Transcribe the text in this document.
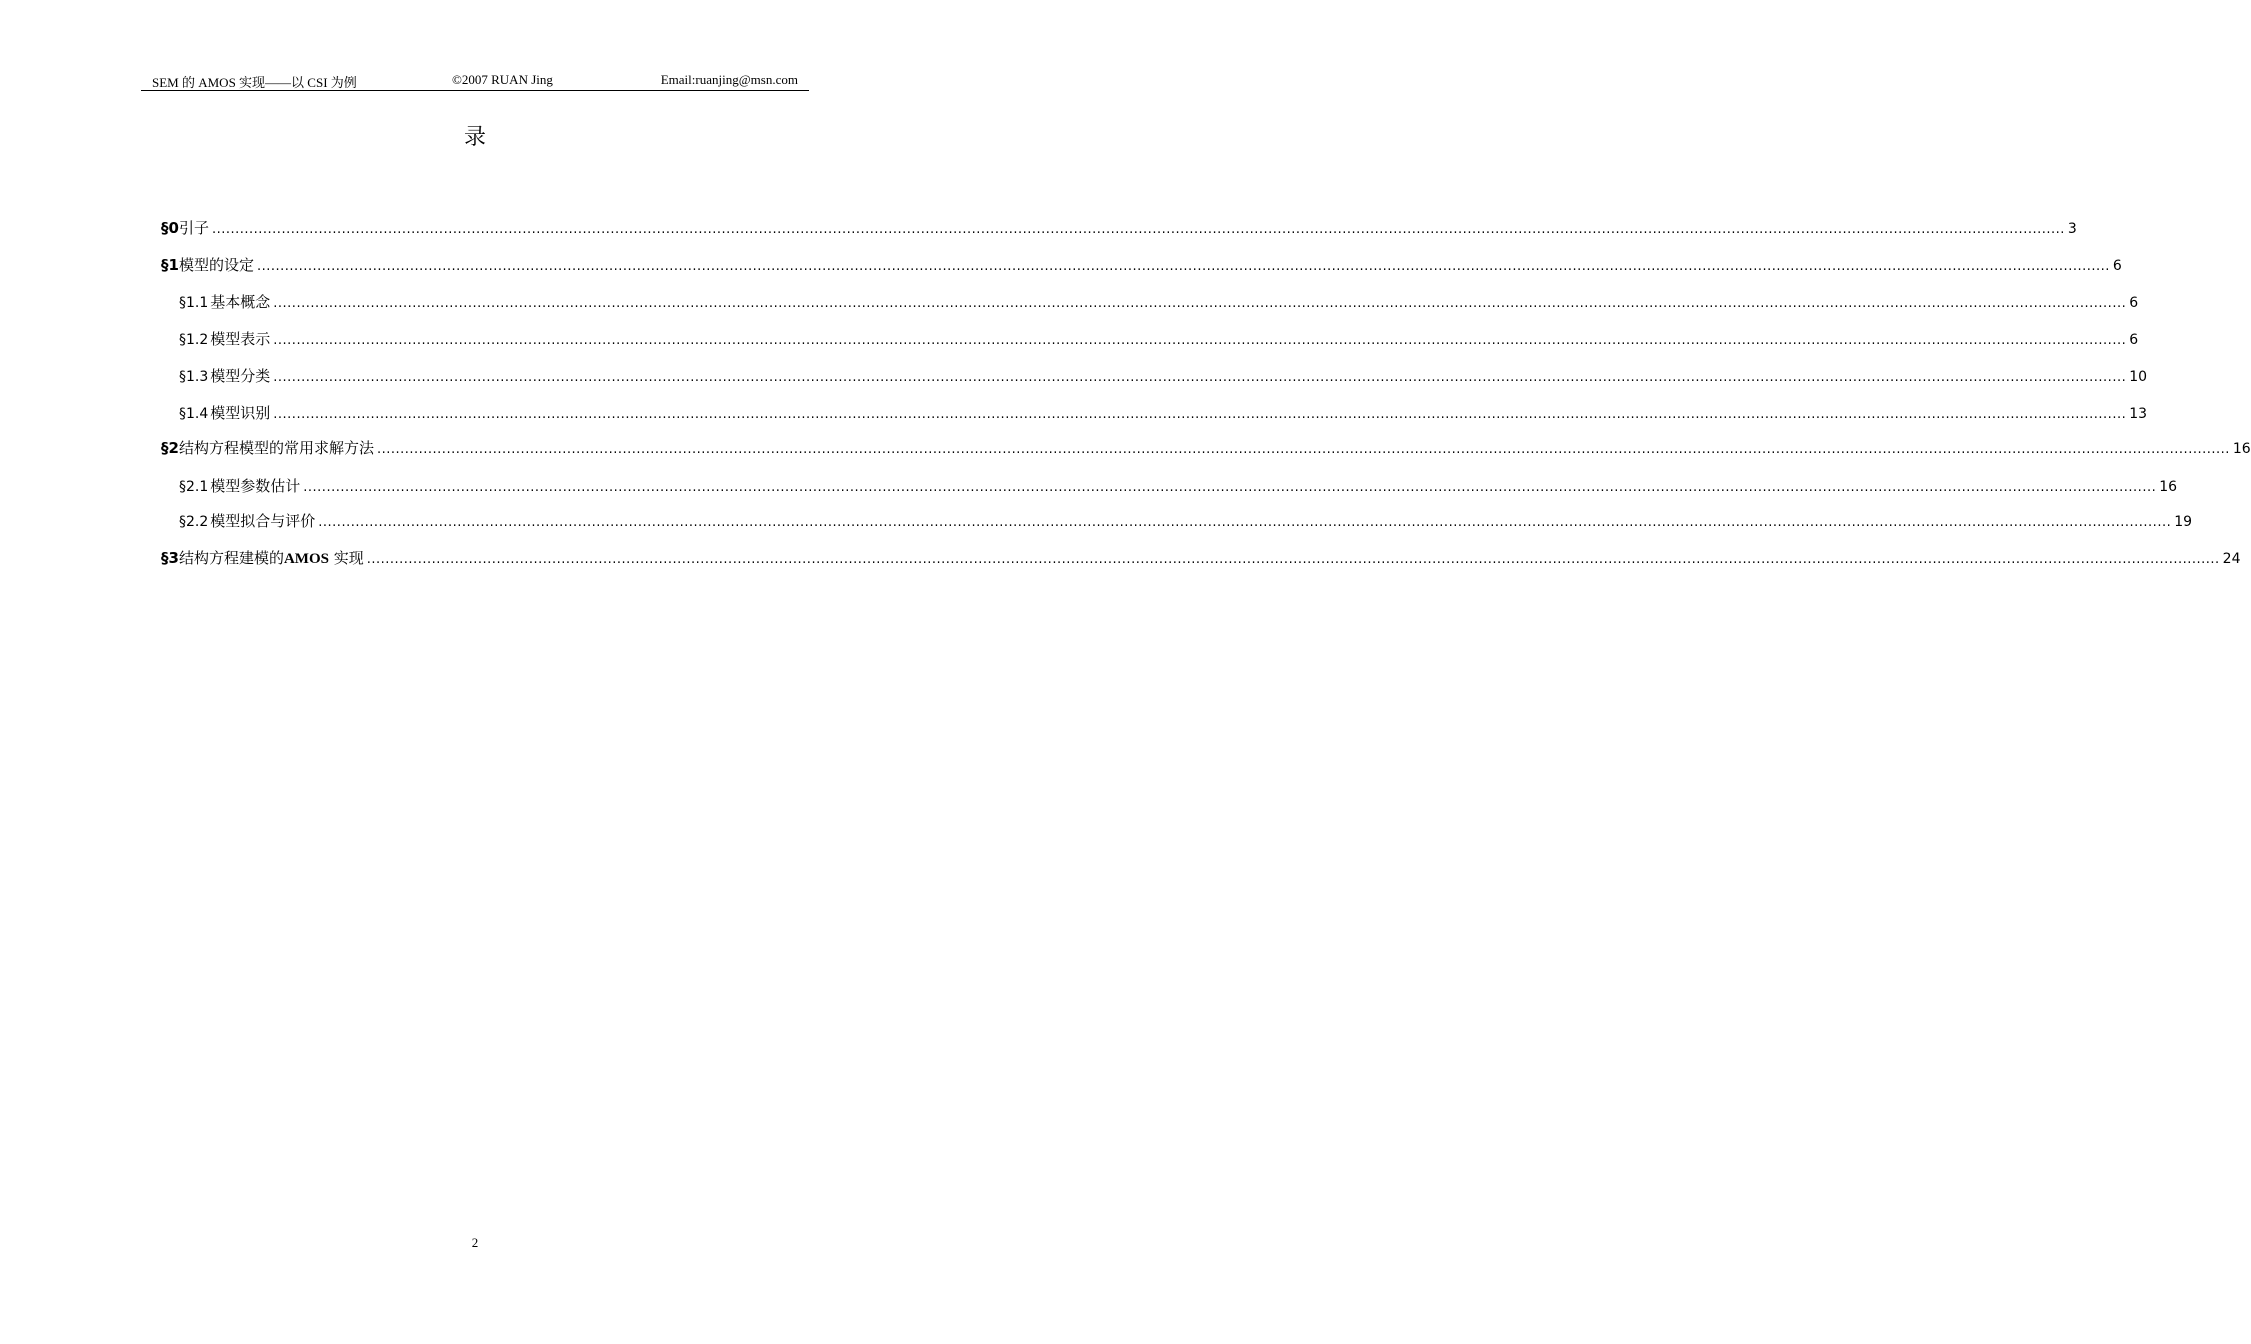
SEM 的 AMOS 实现——以 CSI 为例	©2007 RUAN Jing	Email:ruanjing@msn.com
录
§0 引子 ................................................................................................................................................................................................................................................................................................................................................................................................................ 3
§1 模型的设定 ................................................................................................................................................................................................................................................................................................................................................................................................................ 6
§1.1 基本概念 ................................................................................................................................................................................................................................................................................................................................................................................................................ 6
§1.2 模型表示 ................................................................................................................................................................................................................................................................................................................................................................................................................ 6
§1.3 模型分类 ................................................................................................................................................................................................................................................................................................................................................................................................................ 10
§1.4 模型识别 ................................................................................................................................................................................................................................................................................................................................................................................................................ 13
§2 结构方程模型的常用求解方法 ................................................................................................................................................................................................................................................................................................................................................................................................................ 16
§2.1 模型参数估计 ................................................................................................................................................................................................................................................................................................................................................................................................................ 16
§2.2 模型拟合与评价 ................................................................................................................................................................................................................................................................................................................................................................................................................ 19
§3 结构方程建模的AMOS 实现 ................................................................................................................................................................................................................................................................................................................................................................................................................ 24
2
